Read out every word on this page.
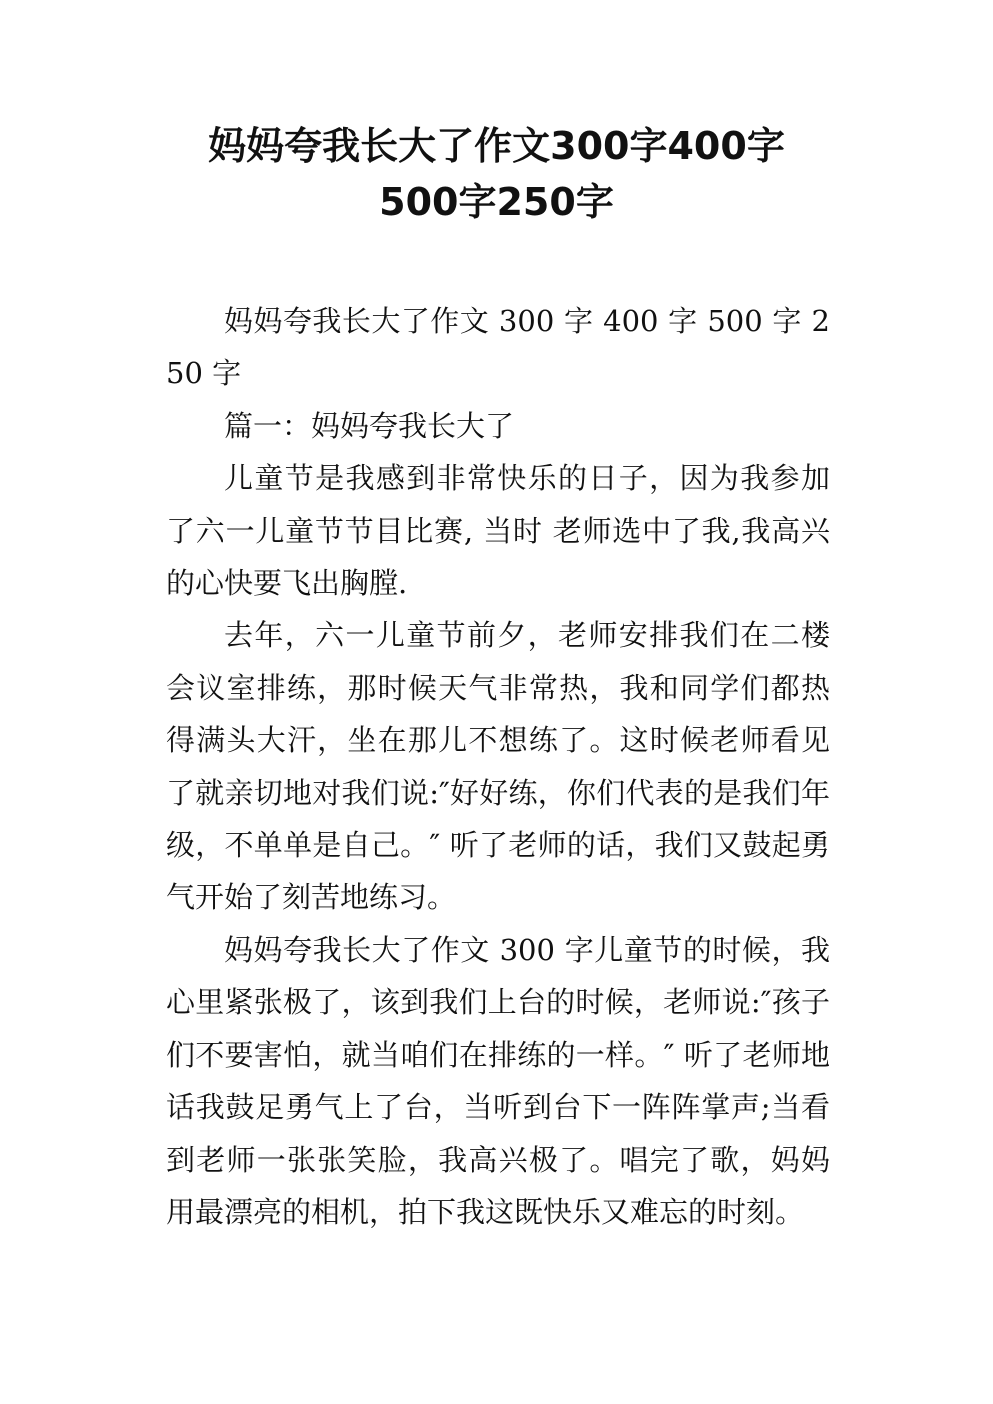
妈妈夸我长大了作文300字400字
500字250字

妈妈夸我长大了作文 300 字 400 字 500 字 250 字

篇一：妈妈夸我长大了

儿童节是我感到非常快乐的日子，因为我参加了六一儿童节节目比赛, 当时 老师选中了我,我高兴的心快要飞出胸膛.

去年，六一儿童节前夕，老师安排我们在二楼会议室排练，那时候天气非常热，我和同学们都热得满头大汗，坐在那儿不想练了。这时候老师看见了就亲切地对我们说:″好好练，你们代表的是我们年级，不单单是自己。″ 听了老师的话，我们又鼓起勇气开始了刻苦地练习。

妈妈夸我长大了作文 300 字儿童节的时候，我心里紧张极了，该到我们上台的时候，老师说:″孩子们不要害怕，就当咱们在排练的一样。″ 听了老师地话我鼓足勇气上了台，当听到台下一阵阵掌声;当看到老师一张张笑脸，我高兴极了。唱完了歌，妈妈用最漂亮的相机，拍下我这既快乐又难忘的时刻。
